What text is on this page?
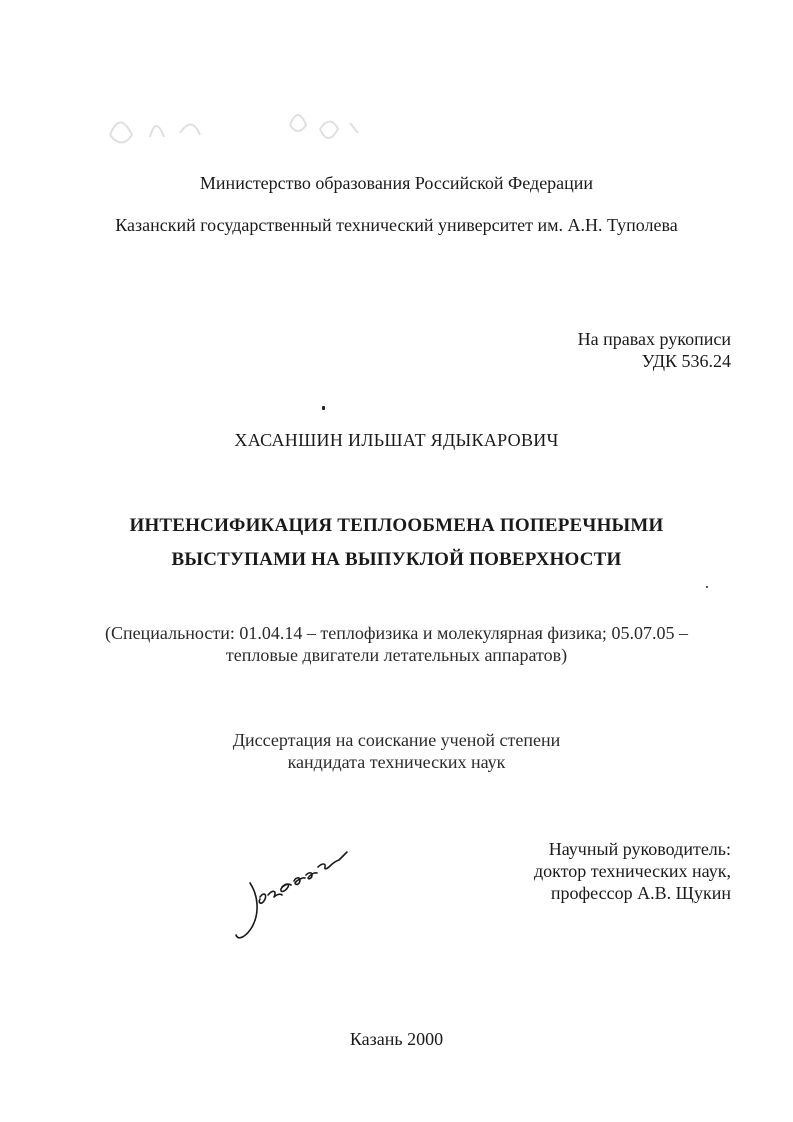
Министерство образования Российской Федерации
Казанский государственный технический университет им. А.Н. Туполева
На правах рукописи
УДК 536.24
ХАСАНШИН ИЛЬШАТ ЯДЫКАРОВИЧ
ИНТЕНСИФИКАЦИЯ ТЕПЛООБМЕНА ПОПЕРЕЧНЫМИ
ВЫСТУПАМИ НА ВЫПУКЛОЙ ПОВЕРХНОСТИ
(Специальности: 01.04.14 – теплофизика и молекулярная физика; 05.07.05 –
тепловые двигатели летательных аппаратов)
Диссертация на соискание ученой степени
кандидата технических наук
Научный руководитель:
доктор технических наук,
профессор А.В. Щукин
Казань 2000
